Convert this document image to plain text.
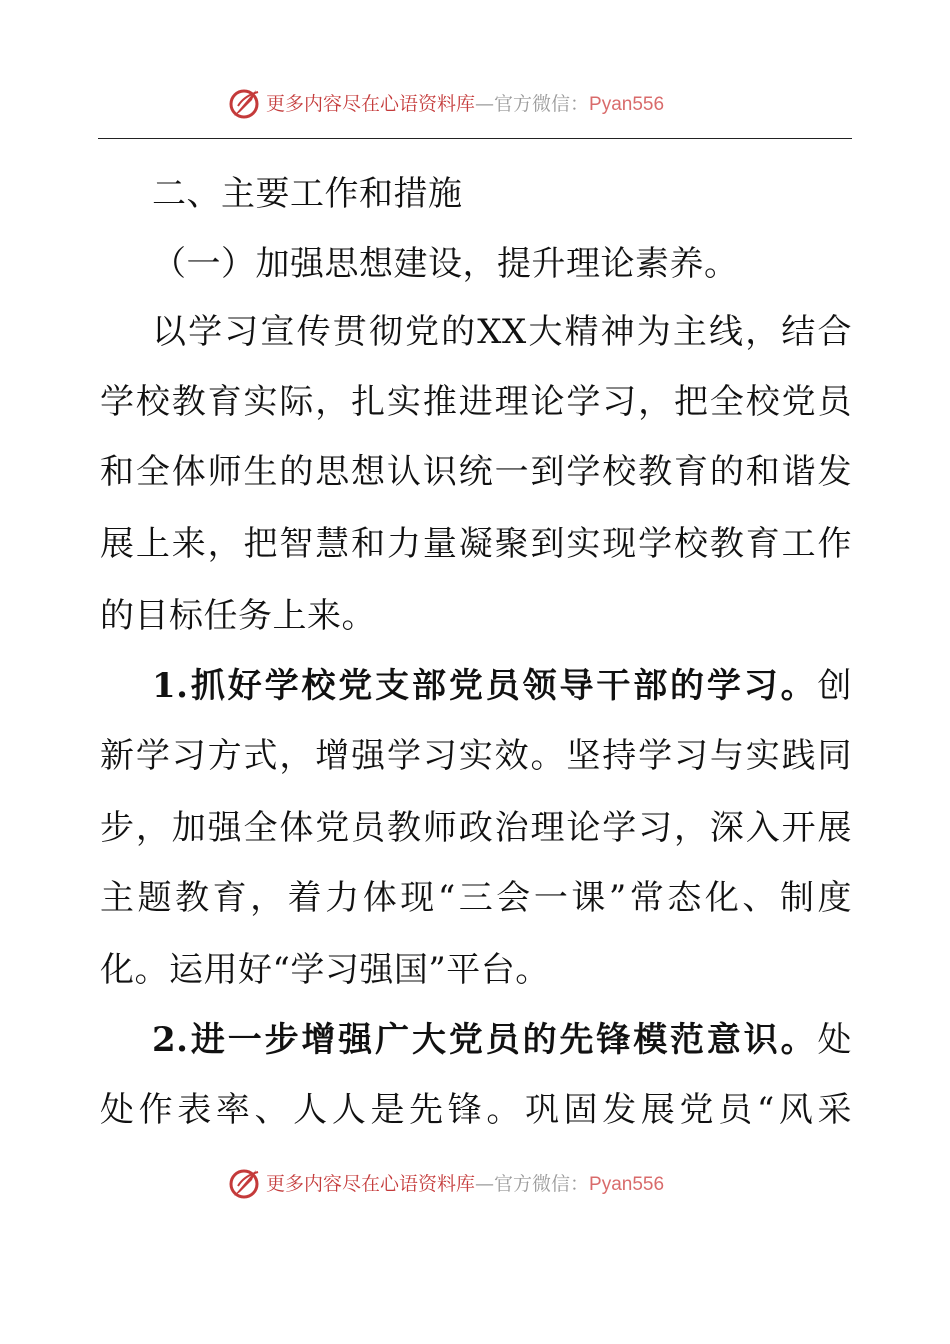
更多内容尽在心语资料库—官方微信：Pyan556
二、主要工作和措施
（一）加强思想建设，提升理论素养。
以学习宣传贯彻党的XX大精神为主线，结合
学校教育实际，扎实推进理论学习，把全校党员
和全体师生的思想认识统一到学校教育的和谐发
展上来，把智慧和力量凝聚到实现学校教育工作
的目标任务上来。
1.抓好学校党支部党员领导干部的学习。创
新学习方式，增强学习实效。坚持学习与实践同
步，加强全体党员教师政治理论学习，深入开展
主题教育，着力体现“三会一课”常态化、制度
化。运用好“学习强国”平台。
2.进一步增强广大党员的先锋模范意识。处
处作表率、人人是先锋。巩固发展党员“风采
更多内容尽在心语资料库—官方微信：Pyan556
